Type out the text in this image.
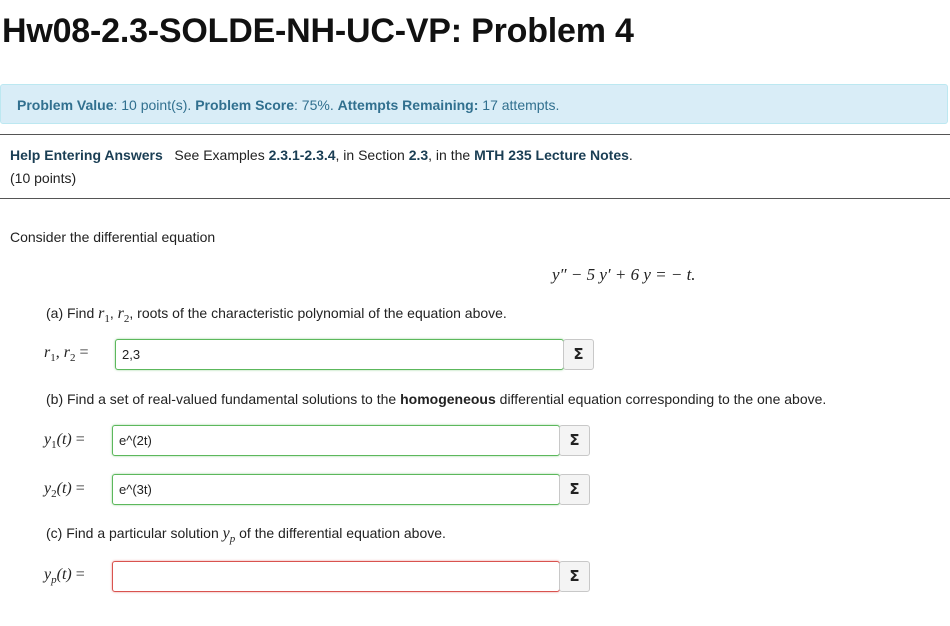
Hw08-2.3-SOLDE-NH-UC-VP: Problem 4
Problem Value: 10 point(s). Problem Score: 75%. Attempts Remaining: 17 attempts.
Help Entering Answers See Examples 2.3.1-2.3.4, in Section 2.3, in the MTH 235 Lecture Notes.
(10 points)
Consider the differential equation
y″ − 5 y′ + 6 y = − t.
(a) Find $r_1$, $r_2$, roots of the characteristic polynomial of the equation above.
$r_1$, $r_2$ =
2,3	Σ
(b) Find a set of real-valued fundamental solutions to the homogeneous differential equation corresponding to the one above.
$y_1(t)$ =
e^(2t)	Σ
$y_2(t)$ =
e^(3t)	Σ
(c) Find a particular solution $y_p$ of the differential equation above.
$y_p(t)$ =	Σ
